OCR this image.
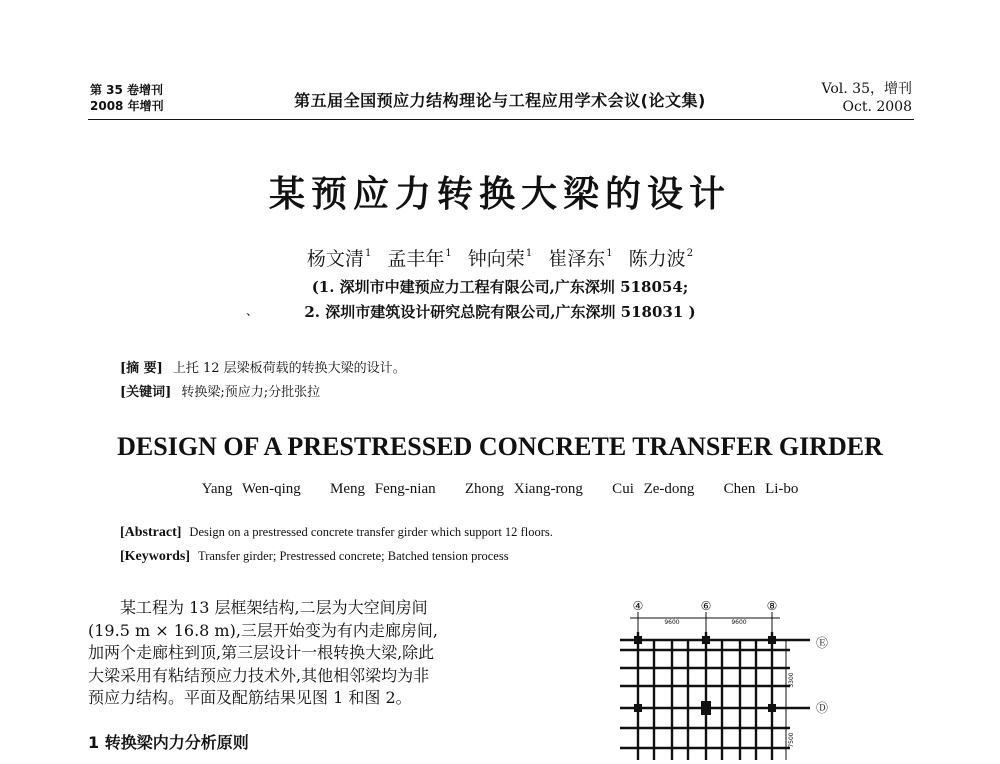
第 35 卷增刊
2008 年增刊	第五届全国预应力结构理论与工程应用学术会议(论文集)
Vol. 35，增刊
Oct. 2008
某预应力转换大梁的设计
杨文清$^1$ 孟丰年$^1$ 钟向荣$^1$ 崔泽东$^1$ 陈力波$^2$
(1. 深圳市中建预应力工程有限公司,广东深圳 518054;
、	2. 深圳市建筑设计研究总院有限公司,广东深圳 518031 )
[摘 要] 上托 12 层梁板荷载的转换大梁的设计。
[关键词] 转换梁;预应力;分批张拉
DESIGN OF A PRESTRESSED CONCRETE TRANSFER GIRDER
Yang Wen-qing   Meng Feng-nian   Zhong Xiang-rong   Cui Ze-dong   Chen Li-bo
[Abstract] Design on a prestressed concrete transfer girder which support 12 floors.
[Keywords] Transfer girder; Prestressed concrete; Batched tension process

某工程为 13 层框架结构,二层为大空间房间

(19.5 m × 16.8 m),三层开始变为有内走廊房间,

加两个走廊柱到顶,第三层设计一根转换大梁,除此

大梁采用有粘结预应力技术外,其他相邻梁均为非

预应力结构。平面及配筋结果见图 1 和图 2。

1 转换梁内力分析原则
④	⑥	⑧
Ⓔ
Ⓓ
9600	9600
3300
7500
